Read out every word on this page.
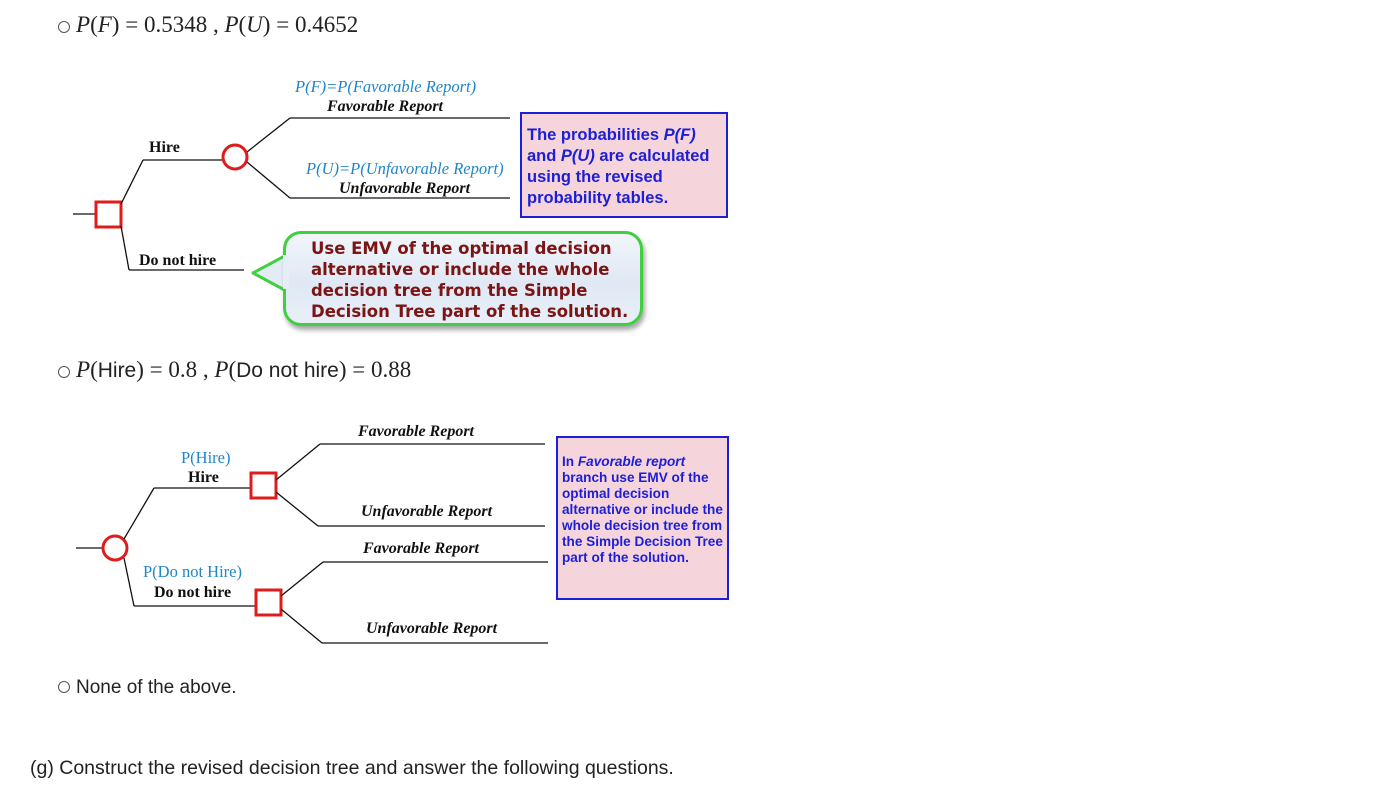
P(F) = 0.5348 , P(U) = 0.4652
Hire
Do not hire
P(F)=P(Favorable Report)
Favorable Report
P(U)=P(Unfavorable Report)
Unfavorable Report
The probabilities P(F) and P(U) are calculated using the revised probability tables.
Use EMV of the optimal decision alternative or include the whole decision tree from the Simple Decision Tree part of the solution.
P(Hire) = 0.8 , P(Do not hire) = 0.88
P(Hire)
Hire
P(Do not Hire)
Do not hire
Favorable Report
Unfavorable Report
Favorable Report
Unfavorable Report
In Favorable report branch use EMV of the optimal decision alternative or include the whole decision tree from the Simple Decision Tree part of the solution.
None of the above.
(g) Construct the revised decision tree and answer the following questions.
